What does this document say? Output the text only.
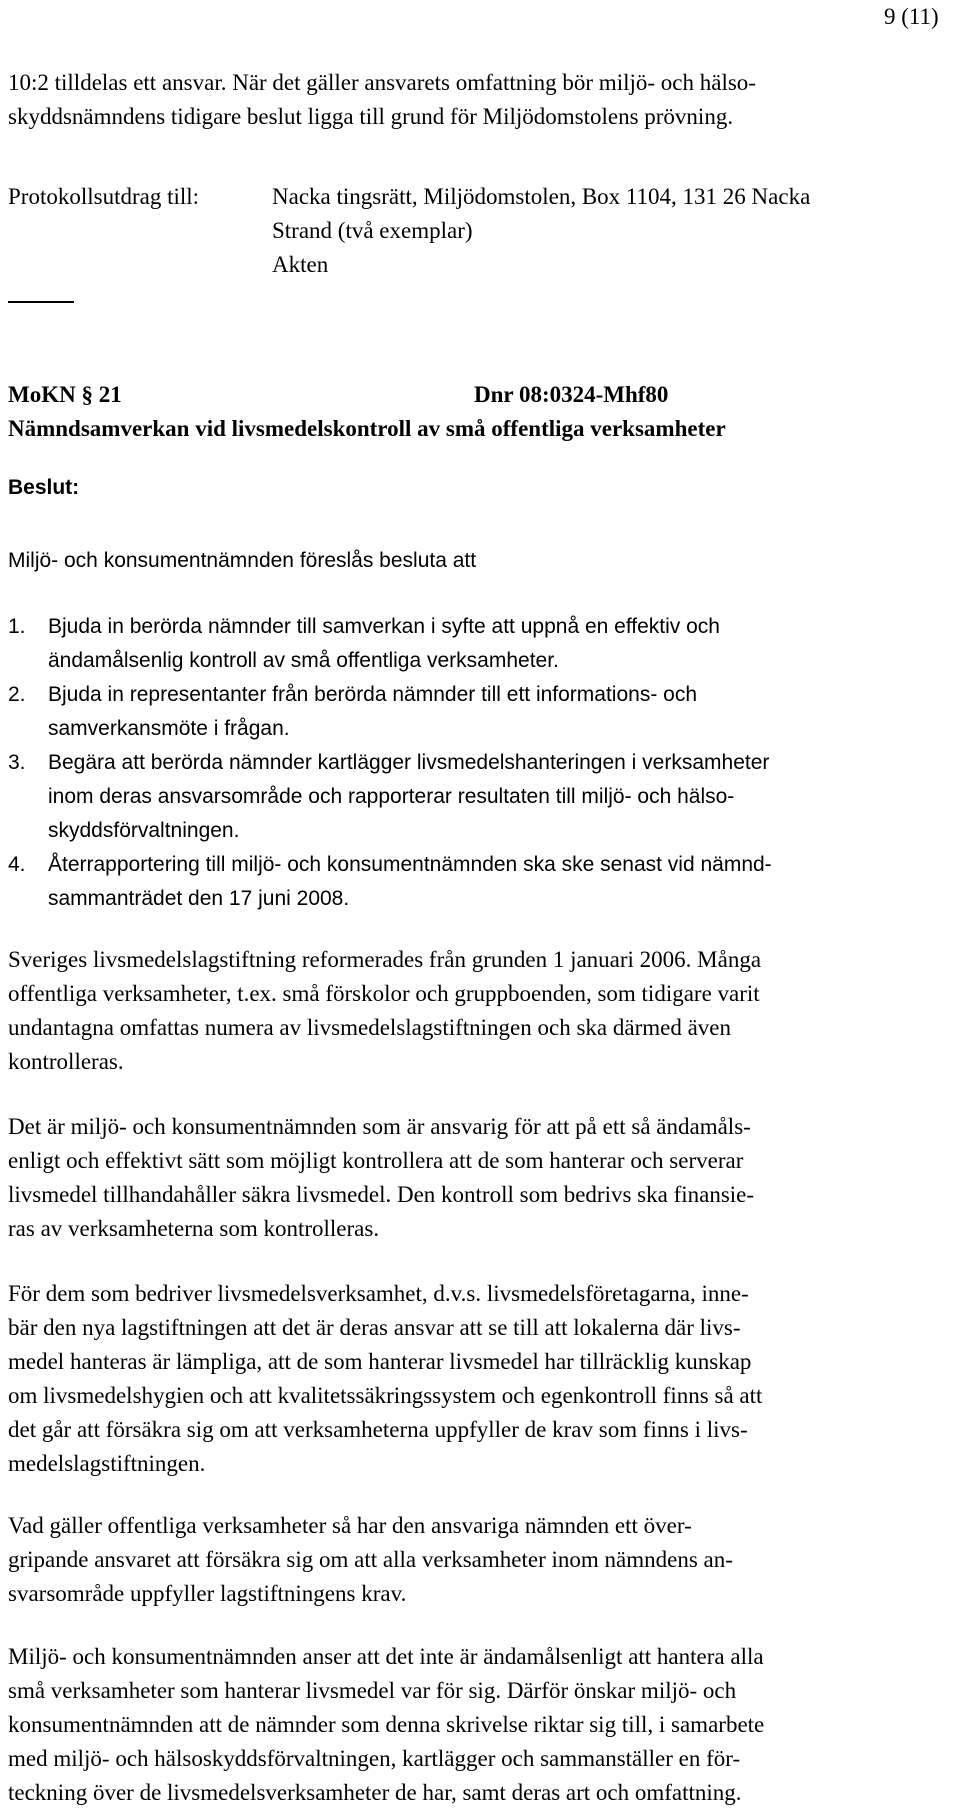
9 (11)
10:2 tilldelas ett ansvar. När det gäller ansvarets omfattning bör miljö- och hälso-
skyddsnämndens tidigare beslut ligga till grund för Miljödomstolens prövning.
Protokollsutdrag till:	Nacka tingsrätt, Miljödomstolen, Box 1104, 131 26 Nacka
Strand (två exemplar)
Akten
MoKN § 21	Dnr 08:0324-Mhf80
Nämndsamverkan vid livsmedelskontroll av små offentliga verksamheter
Beslut:
Miljö- och konsumentnämnden föreslås besluta att
1. Bjuda in berörda nämnder till samverkan i syfte att uppnå en effektiv och
ändamålsenlig kontroll av små offentliga verksamheter.
2. Bjuda in representanter från berörda nämnder till ett informations- och
samverkansmöte i frågan.
3. Begära att berörda nämnder kartlägger livsmedelshanteringen i verksamheter
inom deras ansvarsområde och rapporterar resultaten till miljö- och hälso-
skyddsförvaltningen.
4. Återrapportering till miljö- och konsumentnämnden ska ske senast vid nämnd-
sammanträdet den 17 juni 2008.
Sveriges livsmedelslagstiftning reformerades från grunden 1 januari 2006. Många
offentliga verksamheter, t.ex. små förskolor och gruppboenden, som tidigare varit
undantagna omfattas numera av livsmedelslagstiftningen och ska därmed även
kontrolleras.
Det är miljö- och konsumentnämnden som är ansvarig för att på ett så ändamåls-
enligt och effektivt sätt som möjligt kontrollera att de som hanterar och serverar
livsmedel tillhandahåller säkra livsmedel. Den kontroll som bedrivs ska finansie-
ras av verksamheterna som kontrolleras.
För dem som bedriver livsmedelsverksamhet, d.v.s. livsmedelsföretagarna, inne-
bär den nya lagstiftningen att det är deras ansvar att se till att lokalerna där livs-
medel hanteras är lämpliga, att de som hanterar livsmedel har tillräcklig kunskap
om livsmedelshygien och att kvalitetssäkringssystem och egenkontroll finns så att
det går att försäkra sig om att verksamheterna uppfyller de krav som finns i livs-
medelslagstiftningen.
Vad gäller offentliga verksamheter så har den ansvariga nämnden ett över-
gripande ansvaret att försäkra sig om att alla verksamheter inom nämndens an-
svarsområde uppfyller lagstiftningens krav.
Miljö- och konsumentnämnden anser att det inte är ändamålsenligt att hantera alla
små verksamheter som hanterar livsmedel var för sig. Därför önskar miljö- och
konsumentnämnden att de nämnder som denna skrivelse riktar sig till, i samarbete
med miljö- och hälsoskyddsförvaltningen, kartlägger och sammanställer en för-
teckning över de livsmedelsverksamheter de har, samt deras art och omfattning.
